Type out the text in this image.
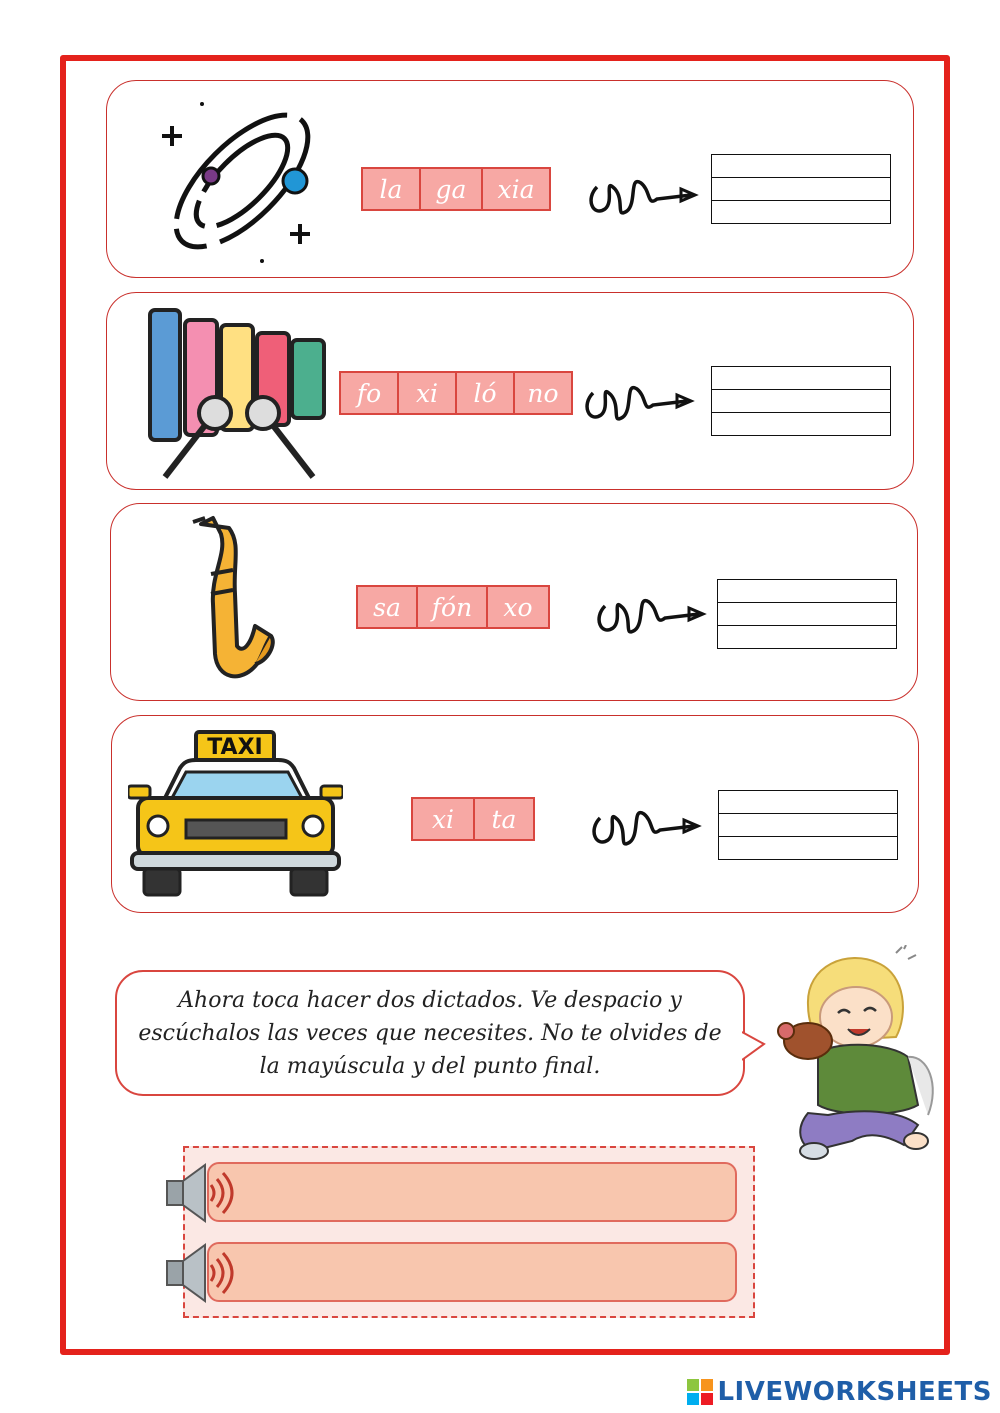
la	ga	xia
fo	xi	ló	no
sa	fón	xo
TAXI
xi	ta
Ahora toca hacer dos dictados. Ve despacio y
escúchalos las veces que necesites. No te olvides de
la mayúscula y del punto final.
LIVEWORKSHEETS
